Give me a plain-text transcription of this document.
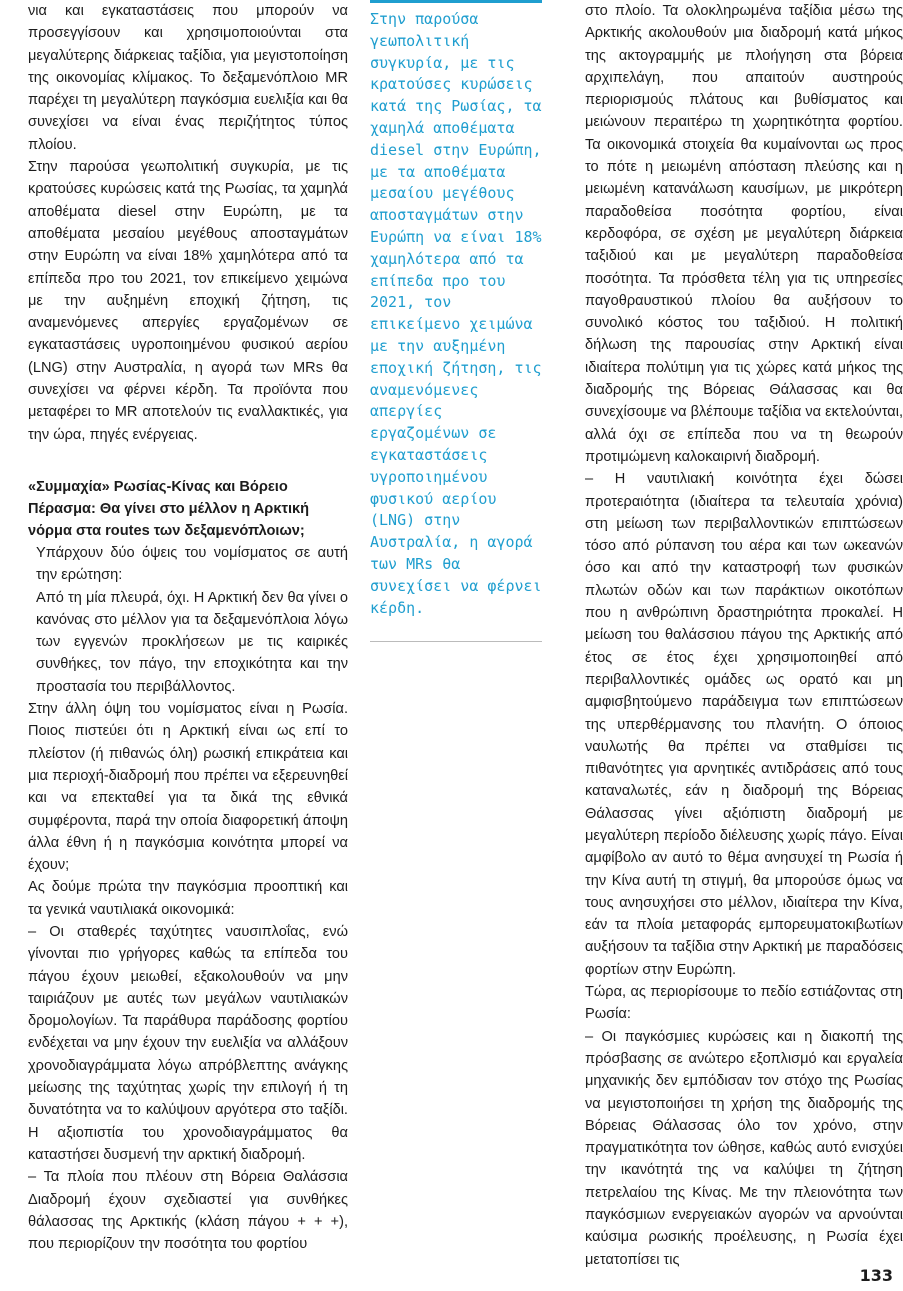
νια και εγκαταστάσεις που μπορούν να προσεγγίσουν και χρησιμοποιούνται στα μεγαλύτερης διάρκειας ταξίδια, για μεγιστοποίηση της οικονομίας κλίμακος. Το δεξαμενόπλοιο MR παρέχει τη μεγαλύτερη παγκόσμια ευελιξία και θα συνεχίσει να είναι ένας περιζήτητος τύπος πλοίου.

Στην παρούσα γεωπολιτική συγκυρία, με τις κρατούσες κυρώσεις κατά της Ρωσίας, τα χαμηλά αποθέματα diesel στην Ευρώπη, με τα αποθέματα μεσαίου μεγέθους αποσταγμάτων στην Ευρώπη να είναι 18% χαμηλότερα από τα επίπεδα προ του 2021, τον επικείμενο χειμώνα με την αυξημένη εποχική ζήτηση, τις αναμενόμενες απεργίες εργαζομένων σε εγκαταστάσεις υγροποιημένου φυσικού αερίου (LNG) στην Αυστραλία, η αγορά των MRs θα συνεχίσει να φέρνει κέρδη. Τα προϊόντα που μεταφέρει το MR αποτελούν τις εναλλακτικές, για την ώρα, πηγές ενέργειας.

«Συμμαχία» Ρωσίας-Κίνας και Βόρειο Πέρασμα: Θα γίνει στο μέλλον η Αρκτική νόρμα στα routes των δεξαμενόπλοιων;

Υπάρχουν δύο όψεις του νομίσματος σε αυτή την ερώτηση:

Από τη μία πλευρά, όχι. Η Αρκτική δεν θα γίνει ο κανόνας στο μέλλον για τα δεξαμενόπλοια λόγω των εγγενών προκλήσεων με τις καιρικές συνθήκες, τον πάγο, την εποχικότητα και την προστασία του περιβάλλοντος.

Στην άλλη όψη του νομίσματος είναι η Ρωσία. Ποιος πιστεύει ότι η Αρκτική είναι ως επί το πλείστον (ή πιθανώς όλη) ρωσική επικράτεια και μια περιοχή-διαδρομή που πρέπει να εξερευνηθεί και να επεκταθεί για τα δικά της εθνικά συμφέροντα, παρά την οποία διαφορετική άποψη άλλα έθνη ή η παγκόσμια κοινότητα μπορεί να έχουν;

Ας δούμε πρώτα την παγκόσμια προοπτική και τα γενικά ναυτιλιακά οικονομικά:

– Οι σταθερές ταχύτητες ναυσιπλοΐας, ενώ γίνονται πιο γρήγορες καθώς τα επίπεδα του πάγου έχουν μειωθεί, εξακολουθούν να μην ταιριάζουν με αυτές των μεγάλων ναυτιλιακών δρομολογίων. Τα παράθυρα παράδοσης φορτίου ενδέχεται να μην έχουν την ευελιξία να αλλάξουν χρονοδιαγράμματα λόγω απρόβλεπτης ανάγκης μείωσης της ταχύτητας χωρίς την επιλογή ή τη δυνατότητα να το καλύψουν αργότερα στο ταξίδι. Η αξιοπιστία του χρονοδιαγράμματος θα καταστήσει δυσμενή την αρκτική διαδρομή.

– Τα πλοία που πλέουν στη Βόρεια Θαλάσσια Διαδρομή έχουν σχεδιαστεί για συνθήκες θάλασσας της Αρκτικής (κλάση πάγου + + +), που περιορίζουν την ποσότητα του φορτίου

Στην παρούσα γεωπολιτική συγκυρία, με τις κρατούσες κυρώσεις κατά της Ρωσίας, τα χαμηλά αποθέματα diesel στην Ευρώπη, με τα αποθέματα μεσαίου μεγέθους αποσταγμάτων στην Ευρώπη να είναι 18% χαμηλότερα από τα επίπεδα προ του 2021, τον επικείμενο χειμώνα με την αυξημένη εποχική ζήτηση, τις αναμενόμενες απεργίες εργαζομένων σε εγκαταστάσεις υγροποιημένου φυσικού αερίου (LNG) στην Αυστραλία, η αγορά των MRs θα συνεχίσει να φέρνει κέρδη.

στο πλοίο. Τα ολοκληρωμένα ταξίδια μέσω της Αρκτικής ακολουθούν μια διαδρομή κατά μήκος της ακτογραμμής με πλοήγηση στα βόρεια αρχιπελάγη, που απαιτούν αυστηρούς περιορισμούς πλάτους και βυθίσματος και μειώνουν περαιτέρω τη χωρητικότητα φορτίου. Τα οικονομικά στοιχεία θα κυμαίνονται ως προς το πότε η μειωμένη απόσταση πλεύσης και η μειωμένη κατανάλωση καυσίμων, με μικρότερη παραδοθείσα ποσότητα φορτίου, είναι κερδοφόρα, σε σχέση με μεγαλύτερη διάρκεια ταξιδιού και με μεγαλύτερη παραδοθείσα ποσότητα. Τα πρόσθετα τέλη για τις υπηρεσίες παγοθραυστικού πλοίου θα αυξήσουν το συνολικό κόστος του ταξιδιού. Η πολιτική δήλωση της παρουσίας στην Αρκτική είναι ιδιαίτερα πολύτιμη για τις χώρες κατά μήκος της διαδρομής της Βόρειας Θάλασσας και θα συνεχίσουμε να βλέπουμε ταξίδια να εκτελούνται, αλλά όχι σε επίπεδα που να τη θεωρούν προτιμώμενη καλοκαιρινή διαδρομή.

– Η ναυτιλιακή κοινότητα έχει δώσει προτεραιότητα (ιδιαίτερα τα τελευταία χρόνια) στη μείωση των περιβαλλοντικών επιπτώσεων τόσο από ρύπανση του αέρα και των ωκεανών όσο και από την καταστροφή των φυσικών πλωτών οδών και των παράκτιων οικοτόπων που η ανθρώπινη δραστηριότητα προκαλεί. Η μείωση του θαλάσσιου πάγου της Αρκτικής από έτος σε έτος έχει χρησιμοποιηθεί από περιβαλλοντικές ομάδες ως ορατό και μη αμφισβητούμενο παράδειγμα των επιπτώσεων της υπερθέρμανσης του πλανήτη. Ο όποιος ναυλωτής θα πρέπει να σταθμίσει τις πιθανότητες για αρνητικές αντιδράσεις από τους καταναλωτές, εάν η διαδρομή της Βόρειας Θάλασσας γίνει αξιόπιστη διαδρομή με μεγαλύτερη περίοδο διέλευσης χωρίς πάγο. Είναι αμφίβολο αν αυτό το θέμα ανησυχεί τη Ρωσία ή την Κίνα αυτή τη στιγμή, θα μπορούσε όμως να τους ανησυχήσει στο μέλλον, ιδιαίτερα την Κίνα, εάν τα πλοία μεταφοράς εμπορευματοκιβωτίων αυξήσουν τα ταξίδια στην Αρκτική με παραδόσεις φορτίων στην Ευρώπη.

Τώρα, ας περιορίσουμε το πεδίο εστιάζοντας στη Ρωσία:

– Οι παγκόσμιες κυρώσεις και η διακοπή της πρόσβασης σε ανώτερο εξοπλισμό και εργαλεία μηχανικής δεν εμπόδισαν τον στόχο της Ρωσίας να μεγιστοποιήσει τη χρήση της διαδρομής της Βόρειας Θάλασσας όλο τον χρόνο, στην πραγματικότητα τον ώθησε, καθώς αυτό ενισχύει την ικανότητά της να καλύψει τη ζήτηση πετρελαίου της Κίνας. Με την πλειονότητα των παγκόσμιων ενεργειακών αγορών να αρνούνται καύσιμα ρωσικής προέλευσης, η Ρωσία έχει μετατοπίσει τις

133
